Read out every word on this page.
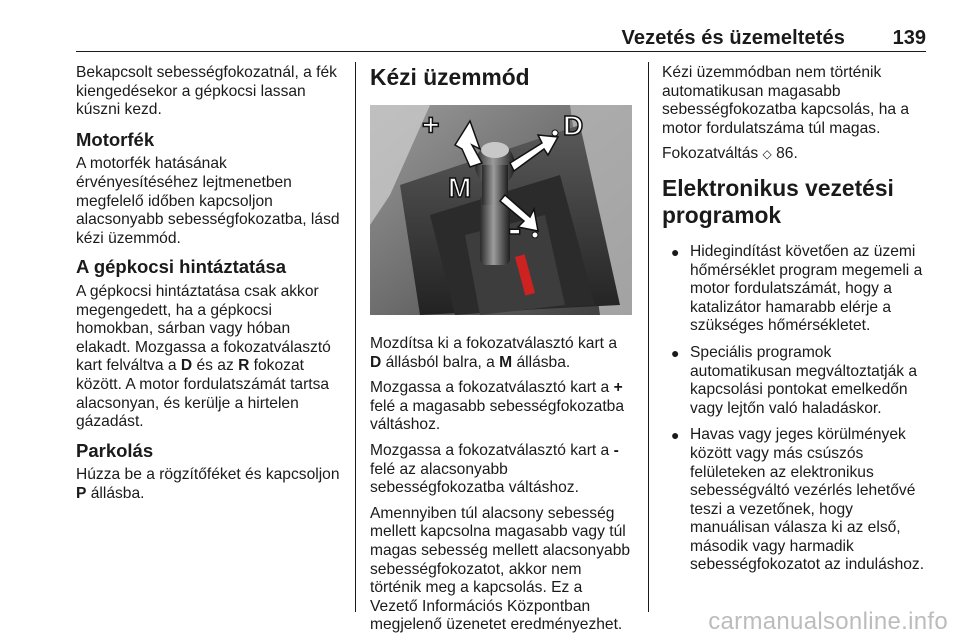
Vezetés és üzemeltetés 139

Bekapcsolt sebességfokozatnál, a fék kiengedésekor a gépkocsi lassan kúszni kezd.

Motorfék

A motorfék hatásának érvényesítéséhez lejtmenetben megfelelő időben kapcsoljon alacsonyabb sebességfokozatba, lásd kézi üzemmód.

A gépkocsi hintáztatása

A gépkocsi hintáztatása csak akkor megengedett, ha a gépkocsi homokban, sárban vagy hóban elakadt. Mozgassa a fokozatválasztó kart felváltva a D és az R fokozat között. A motor fordulatszámát tartsa alacsonyan, és kerülje a hirtelen gázadást.

Parkolás

Húzza be a rögzítőféket és kapcsoljon P állásba.

Kézi üzemmód
+	D
M
-

Mozdítsa ki a fokozatválasztó kart a D állásból balra, a M állásba.

Mozgassa a fokozatválasztó kart a + felé a magasabb sebességfokozatba váltáshoz.

Mozgassa a fokozatválasztó kart a - felé az alacsonyabb sebességfokozatba váltáshoz.

Amennyiben túl alacsony sebesség mellett kapcsolna magasabb vagy túl magas sebesség mellett alacsonyabb sebességfokozatot, akkor nem történik meg a kapcsolás. Ez a Vezető Információs Központban megjelenő üzenetet eredményezhet.

Kézi üzemmódban nem történik automatikusan magasabb sebességfokozatba kapcsolás, ha a motor fordulatszáma túl magas.

Fokozatváltás ◇ 86.

Elektronikus vezetési programok
● Hidegindítást követően az üzemi hőmérséklet program megemeli a motor fordulatszámát, hogy a katalizátor hamarabb elérje a szükséges hőmérsékletet.
● Speciális programok automatikusan megváltoztatják a kapcsolási pontokat emelkedőn vagy lejtőn való haladáskor.
● Havas vagy jeges körülmények között vagy más csúszós felületeken az elektronikus sebességváltó vezérlés lehetővé teszi a vezetőnek, hogy manuálisan válasza ki az első, második vagy harmadik sebességfokozatot az induláshoz.
carmanualsonline.info
